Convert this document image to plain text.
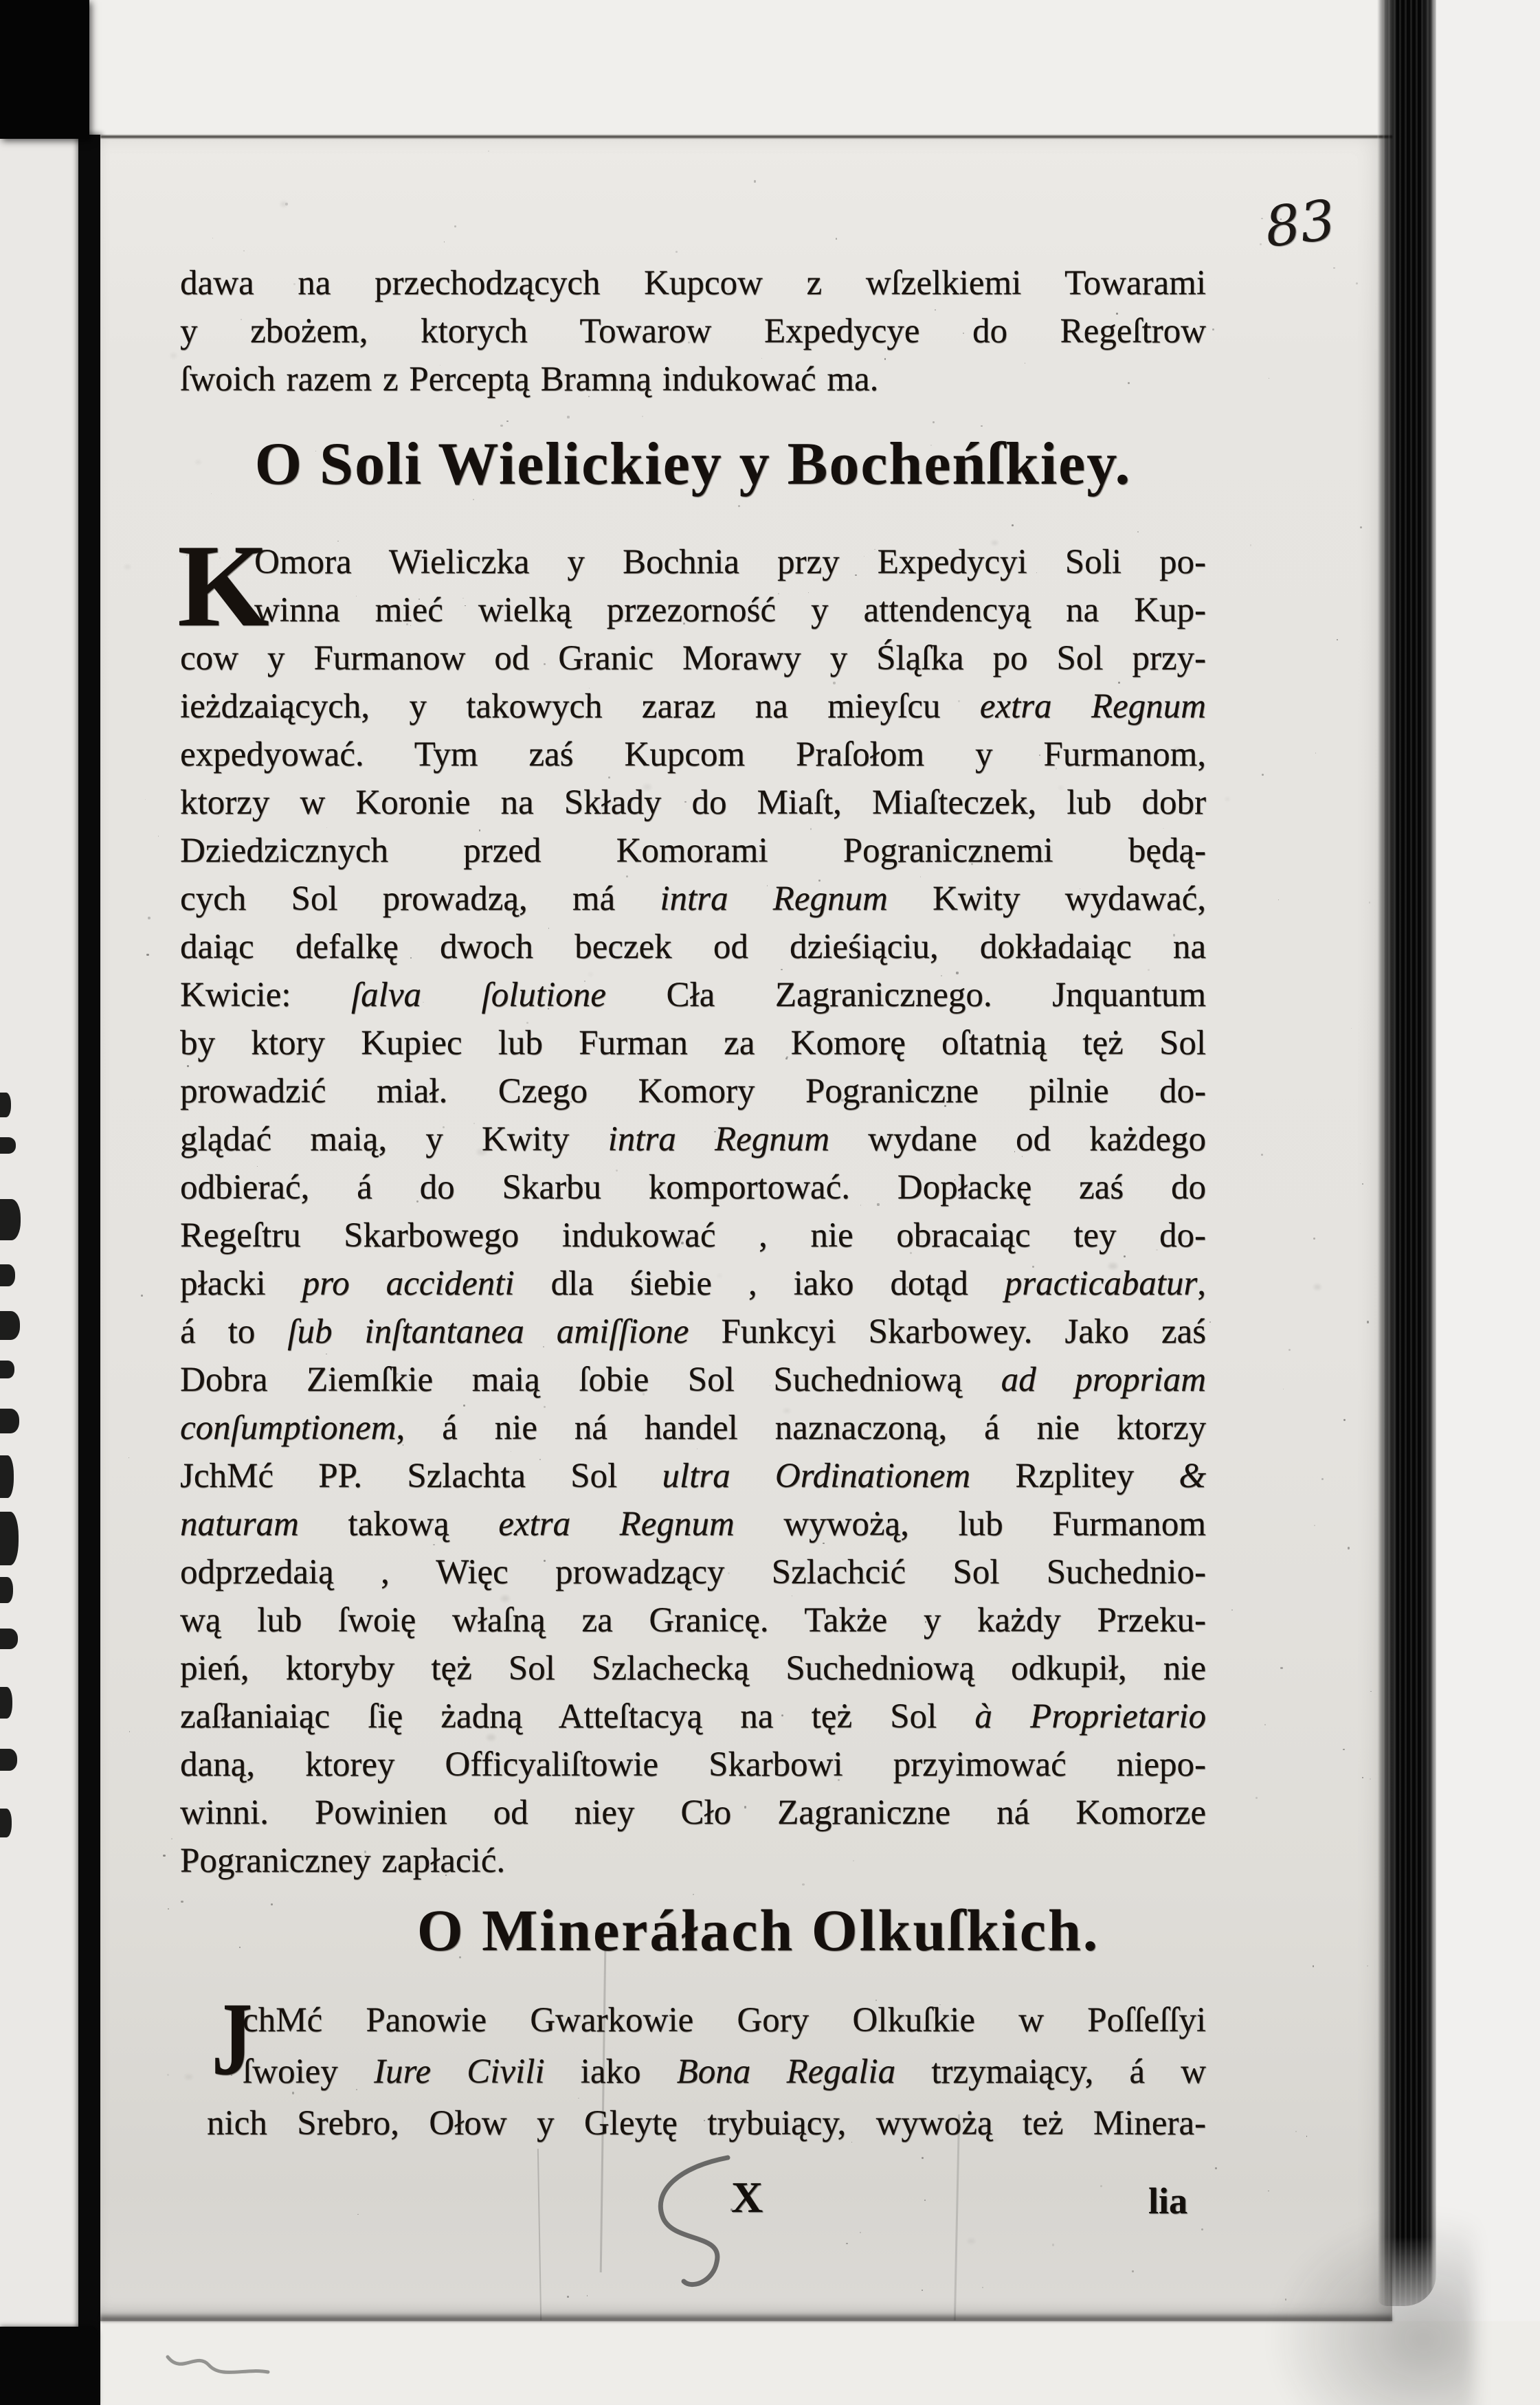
83
dawa na przechodzących Kupcow z wſzelkiemi Towarami
y zbożem, ktorych Towarow Expedycye do Regeſtrow
ſwoich razem z Perceptą Bramną indukować ma.
O Soli Wielickiey y Bocheńſkiey.
K
Omora Wieliczka y Bochnia przy Expedycyi Soli po-
winna mieć wielką przezorność y attendencyą na Kup-
cow y Furmanow od Granic Morawy y Śląſka po Sol przy-
ieżdzaiących, y takowych zaraz na mieyſcu extra Regnum
expedyować. Tym zaś Kupcom Praſołom y Furmanom,
ktorzy w Koronie na Składy do Miaſt, Miaſteczek, lub dobr
Dziedzicznych przed Komorami Pogranicznemi będą-
cych Sol prowadzą, má intra Regnum Kwity wydawać,
daiąc defalkę dwoch beczek od dzieśiąciu, dokładaiąc na
Kwicie: ſalva ſolutione Cła Zagranicznego. Jnquantum
by ktory Kupiec lub Furman za Komorę oſtatnią tęż Sol
prowadzić miał. Czego Komory Pograniczne pilnie do-
glądać maią, y Kwity intra Regnum wydane od każdego
odbierać, á do Skarbu komportować. Dopłackę zaś do
Regeſtru Skarbowego indukować , nie obracaiąc tey do-
płacki pro accidenti dla śiebie , iako dotąd practicabatur,
á to ſub inſtantanea amiſſione Funkcyi Skarbowey. Jako zaś
Dobra Ziemſkie maią ſobie Sol Suchedniową ad propriam
conſumptionem, á nie ná handel naznaczoną, á nie ktorzy
JchMć PP. Szlachta Sol ultra Ordinationem Rzplitey &
naturam takową extra Regnum wywożą, lub Furmanom
odprzedaią , Więc prowadzący Szlachcić Sol Suchednio-
wą lub ſwoię właſną za Granicę. Także y każdy Przeku-
pień, ktoryby tęż Sol Szlachecką Suchedniową odkupił, nie
zaſłaniaiąc ſię żadną Atteſtacyą na tęż Sol à Proprietario
daną, ktorey Officyaliſtowie Skarbowi przyimować niepo-
winni. Powinien od niey Cło Zagraniczne ná Komorze
Pograniczney zapłacić.
O Mineráłach Olkuſkich.
J
chMć Panowie Gwarkowie Gory Olkuſkie w Poſſeſſyi
ſwoiey Iure Civili iako Bona Regalia trzymaiący, á w
nich Srebro, Ołow y Gleytę trybuiący, wywożą też Minera-
X	lia
